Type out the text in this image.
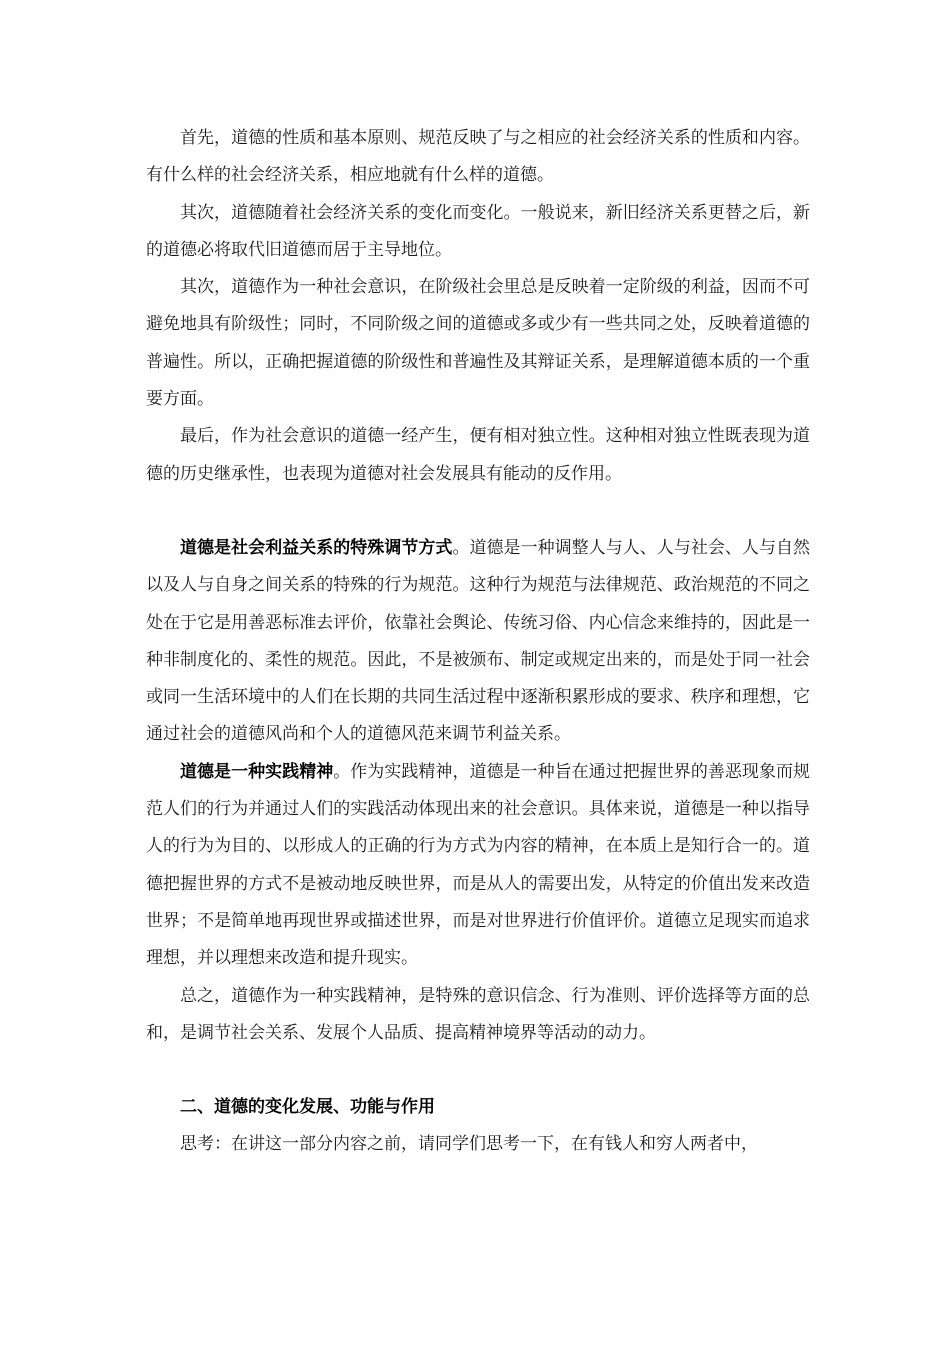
首先，道德的性质和基本原则、规范反映了与之相应的社会经济关系的性质和内容。有什么样的社会经济关系，相应地就有什么样的道德。

其次，道德随着社会经济关系的变化而变化。一般说来，新旧经济关系更替之后，新的道德必将取代旧道德而居于主导地位。

其次，道德作为一种社会意识，在阶级社会里总是反映着一定阶级的利益，因而不可避免地具有阶级性；同时，不同阶级之间的道德或多或少有一些共同之处，反映着道德的普遍性。所以，正确把握道德的阶级性和普遍性及其辩证关系，是理解道德本质的一个重要方面。

最后，作为社会意识的道德一经产生，便有相对独立性。这种相对独立性既表现为道德的历史继承性，也表现为道德对社会发展具有能动的反作用。

道德是社会利益关系的特殊调节方式。道德是一种调整人与人、人与社会、人与自然以及人与自身之间关系的特殊的行为规范。这种行为规范与法律规范、政治规范的不同之处在于它是用善恶标准去评价，依靠社会舆论、传统习俗、内心信念来维持的，因此是一种非制度化的、柔性的规范。因此，不是被颁布、制定或规定出来的，而是处于同一社会或同一生活环境中的人们在长期的共同生活过程中逐渐积累形成的要求、秩序和理想，它通过社会的道德风尚和个人的道德风范来调节利益关系。

道德是一种实践精神。作为实践精神，道德是一种旨在通过把握世界的善恶现象而规范人们的行为并通过人们的实践活动体现出来的社会意识。具体来说，道德是一种以指导人的行为为目的、以形成人的正确的行为方式为内容的精神，在本质上是知行合一的。道德把握世界的方式不是被动地反映世界，而是从人的需要出发，从特定的价值出发来改造世界；不是简单地再现世界或描述世界，而是对世界进行价值评价。道德立足现实而追求理想，并以理想来改造和提升现实。

总之，道德作为一种实践精神，是特殊的意识信念、行为准则、评价选择等方面的总和，是调节社会关系、发展个人品质、提高精神境界等活动的动力。

二、道德的变化发展、功能与作用

思考：在讲这一部分内容之前，请同学们思考一下，在有钱人和穷人两者中，
